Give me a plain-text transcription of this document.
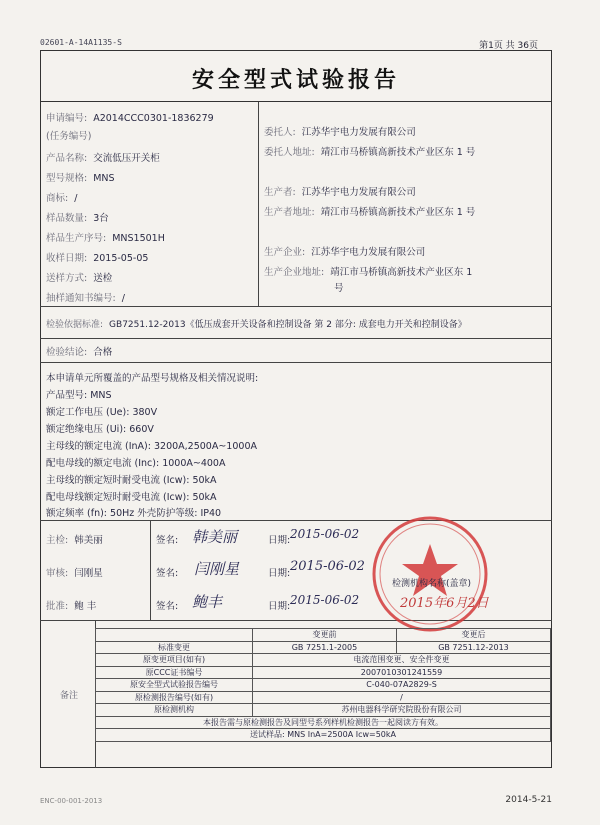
02601-A-14A1135-S	第1页 共 36页
安全型式试验报告
申请编号: A2014CCC0301-1836279
(任务编号)
产品名称: 交流低压开关柜
型号规格: MNS
商标: /
样品数量: 3台
样品生产序号: MNS1501H
收样日期: 2015-05-05
送样方式: 送检
抽样通知书编号: /
委托人: 江苏华宇电力发展有限公司
委托人地址: 靖江市马桥镇高新技术产业区东 1 号
生产者: 江苏华宇电力发展有限公司
生产者地址: 靖江市马桥镇高新技术产业区东 1 号
生产企业: 江苏华宇电力发展有限公司
生产企业地址: 靖江市马桥镇高新技术产业区东 1
号
检验依据标准: GB7251.12-2013《低压成套开关设备和控制设备 第 2 部分: 成套电力开关和控制设备》
检验结论: 合格
本申请单元所覆盖的产品型号规格及相关情况说明:
产品型号: MNS
额定工作电压 (Ue): 380V
额定绝缘电压 (Ui): 660V
主母线的额定电流 (InA): 3200A,2500A~1000A
配电母线的额定电流 (Inc): 1000A~400A
主母线的额定短时耐受电流 (Icw): 50kA
配电母线额定短时耐受电流 (Icw): 50kA
额定频率 (fn): 50Hz 外壳防护等级: IP40
主检: 韩美丽	签名: 韩美丽	日期: 2015-06-02
审核: 闫刚星	签名: 闫刚星	日期: 2015-06-02
批准: 鲍 丰	签名: 鲍丰	日期: 2015-06-02
检测机构名称(盖章)
2015年6月2日
备注
	变更前	变更后
标准变更	GB 7251.1-2005	GB 7251.12-2013
原变更项目(如有)	电流范围变更、安全件变更	
原CCC证书编号	2007010301241559	
原安全型式试验报告编号	C-040-07A2829-S	
原检测报告编号(如有)	/	
原检测机构	苏州电器科学研究院股份有限公司	
本报告需与原检测报告及同型号系列样机检测报告一起阅读方有效。		
送试样品: MNS InA=2500A Icw=50kA		
ENC-00-001-2013	2014-5-21
